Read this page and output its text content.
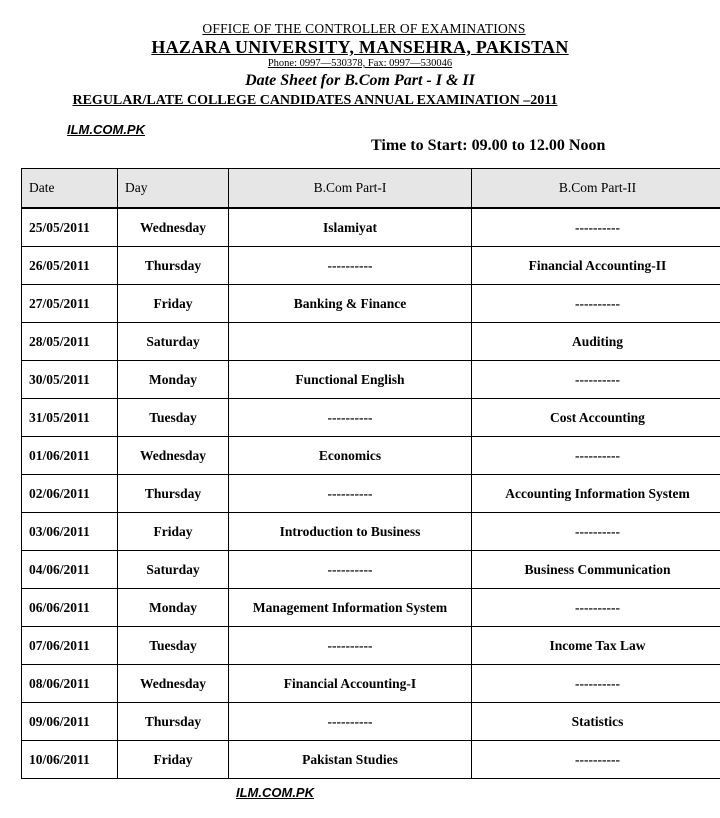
OFFICE OF THE CONTROLLER OF EXAMINATIONS
HAZARA UNIVERSITY, MANSEHRA, PAKISTAN
Phone: 0997—530378, Fax: 0997—530046
Date Sheet for B.Com Part - I & II
REGULAR/LATE COLLEGE CANDIDATES ANNUAL EXAMINATION –2011
ILM.COM.PK
Time to Start: 09.00 to 12.00 Noon
Date	Day	B.Com Part-I	B.Com Part-II
25/05/2011	Wednesday	Islamiyat	----------
26/05/2011	Thursday	----------	Financial Accounting-II
27/05/2011	Friday	Banking & Finance	----------
28/05/2011	Saturday		Auditing
30/05/2011	Monday	Functional English	----------
31/05/2011	Tuesday	----------	Cost Accounting
01/06/2011	Wednesday	Economics	----------
02/06/2011	Thursday	----------	Accounting Information System
03/06/2011	Friday	Introduction to Business	----------
04/06/2011	Saturday	----------	Business Communication
06/06/2011	Monday	Management Information System	----------
07/06/2011	Tuesday	----------	Income Tax Law
08/06/2011	Wednesday	Financial Accounting-I	----------
09/06/2011	Thursday	----------	Statistics
10/06/2011	Friday	Pakistan Studies	----------
ILM.COM.PK
